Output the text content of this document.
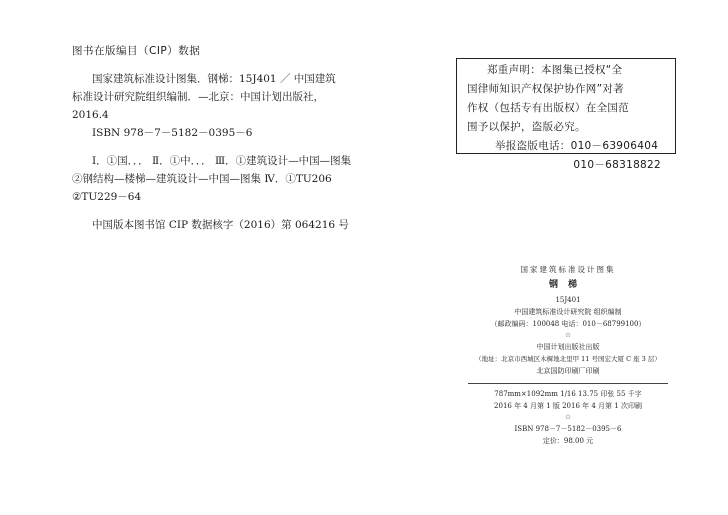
图书在版编目（CIP）数据

国家建筑标准设计图集．钢梯：15J401 ／ 中国建筑

标准设计研究院组织编制．—北京：中国计划出版社，

2016.4

ISBN 978－7－5182－0395－6

Ⅰ．①国．．． Ⅱ．①中．．． Ⅲ．①建筑设计—中国—图集

②钢结构—楼梯—建筑设计—中国—图集 Ⅳ．①TU206

②TU229－64

中国版本图书馆 CIP 数据核字（2016）第 064216 号

郑重声明：本图集已授权“全
国律师知识产权保护协作网”对著
作权（包括专有出版权）在全国范
围予以保护，盗版必究。
举报盗版电话：010－63906404
010－68318822
国家建筑标准设计图集
钢梯
15J401
中国建筑标准设计研究院 组织编制
（邮政编码：100048 电话：010－68799100）
☆
中国计划出版社出版
（地址：北京市西城区木樨地北里甲 11 号国宏大厦 C 座 3 层）
北京国防印刷厂印刷
787mm×1092mm 1/16 13.75 印张 55 千字
2016 年 4 月第 1 版 2016 年 4 月第 1 次印刷
☆
ISBN 978－7－5182－0395－6
定价：98.00 元
